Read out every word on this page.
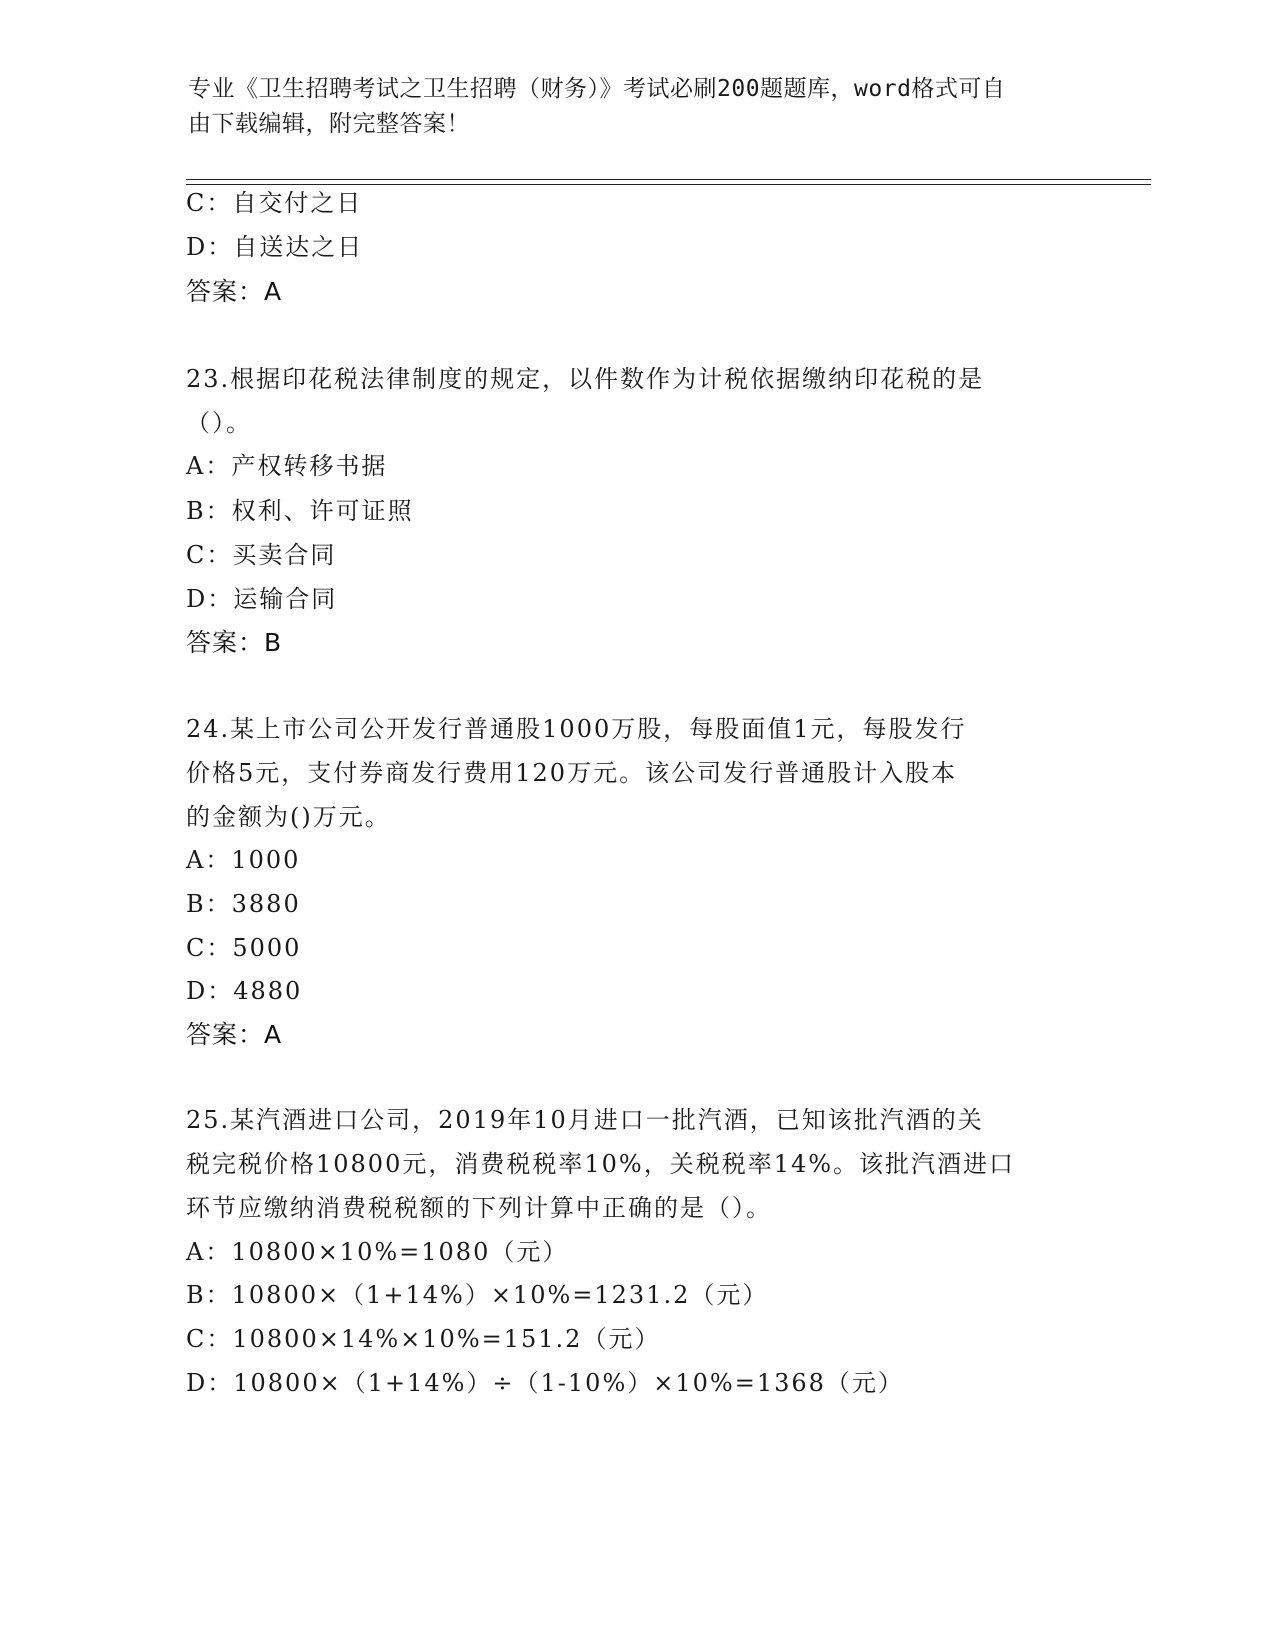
专业《卫生招聘考试之卫生招聘（财务）》考试必刷200题题库，word格式可自
由下载编辑，附完整答案！
C：自交付之日
D：自送达之日
答案：A
23.根据印花税法律制度的规定，以件数作为计税依据缴纳印花税的是
（）。
A：产权转移书据
B：权利、许可证照
C：买卖合同
D：运输合同
答案：B
24.某上市公司公开发行普通股1000万股，每股面值1元，每股发行
价格5元，支付券商发行费用120万元。该公司发行普通股计入股本
的金额为()万元。
A：1000
B：3880
C：5000
D：4880
答案：A
25.某汽酒进口公司，2019年10月进口一批汽酒，已知该批汽酒的关
税完税价格10800元，消费税税率10%，关税税率14%。该批汽酒进口
环节应缴纳消费税税额的下列计算中正确的是（）。
A：10800×10%=1080（元）
B：10800×（1+14%）×10%=1231.2（元）
C：10800×14%×10%=151.2（元）
D：10800×（1+14%）÷（1-10%）×10%=1368（元）
